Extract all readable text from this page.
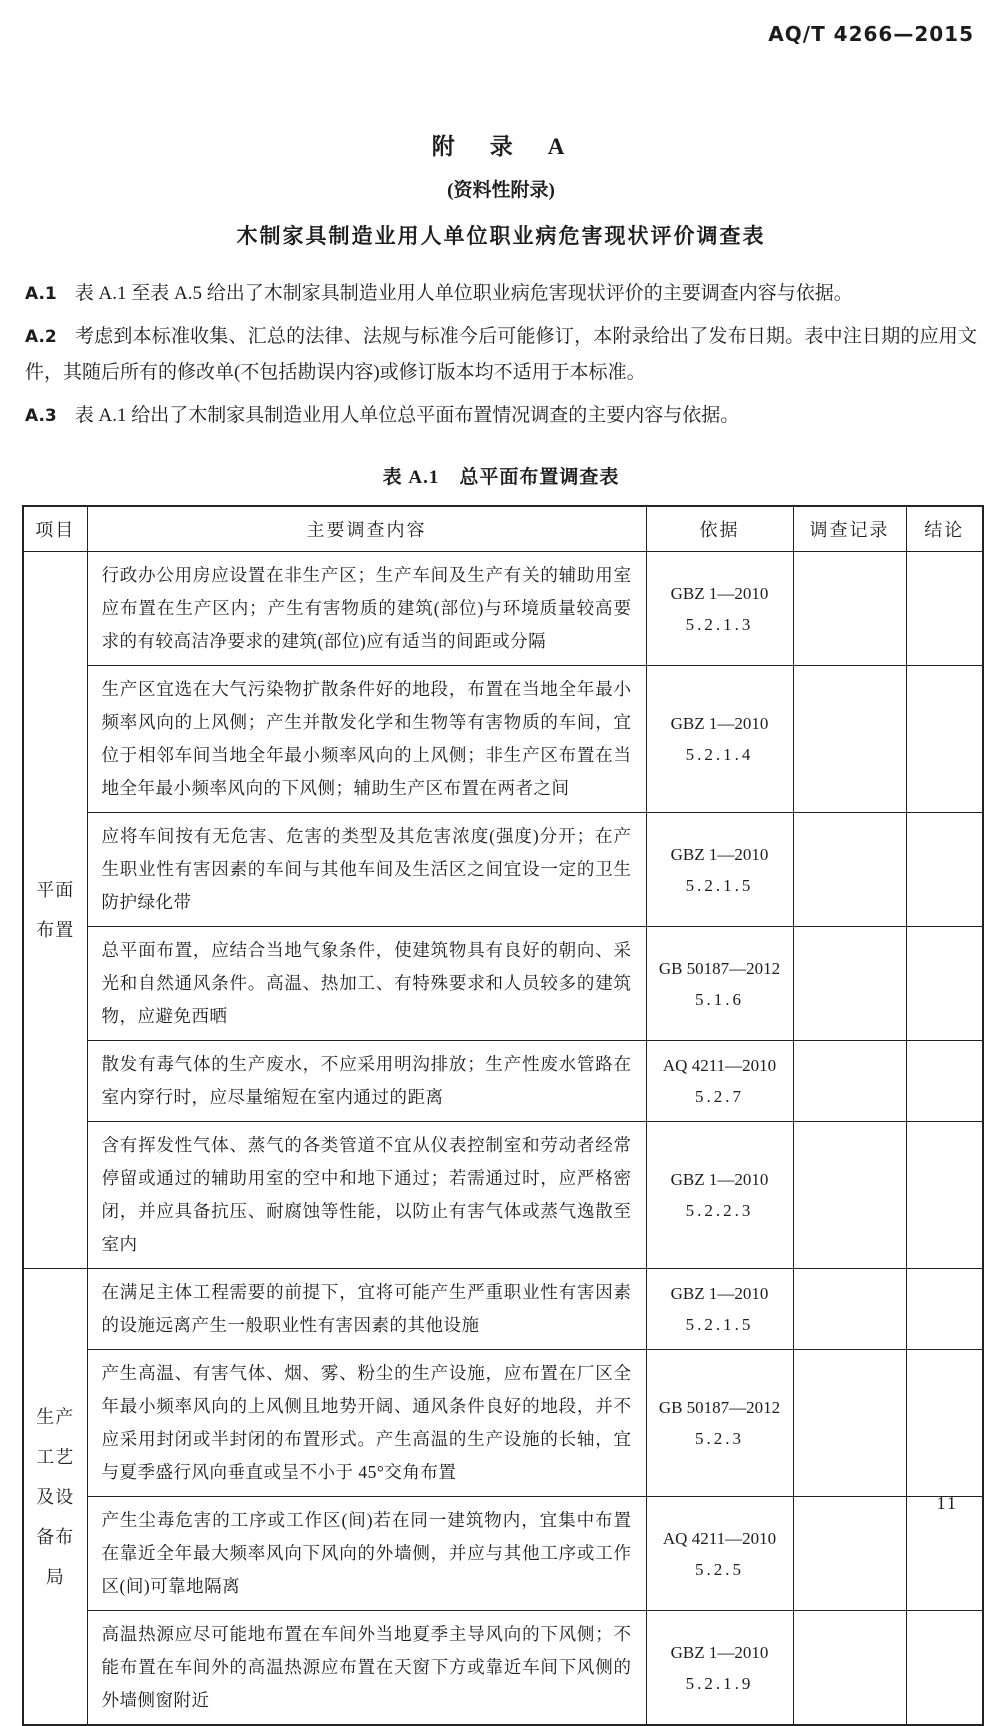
AQ/T 4266—2015
附　录　A
(资料性附录)
木制家具制造业用人单位职业病危害现状评价调查表

A.1 表 A.1 至表 A.5 给出了木制家具制造业用人单位职业病危害现状评价的主要调查内容与依据。

A.2 考虑到本标准收集、汇总的法律、法规与标准今后可能修订，本附录给出了发布日期。表中注日期的应用文件，其随后所有的修改单(不包括勘误内容)或修订版本均不适用于本标准。

A.3 表 A.1 给出了木制家具制造业用人单位总平面布置情况调查的主要内容与依据。

表 A.1　总平面布置调查表
项目	主要调查内容	依据	调查记录	结论
平面布置	行政办公用房应设置在非生产区；生产车间及生产有关的辅助用室应布置在生产区内；产生有害物质的建筑(部位)与环境质量较高要求的有较高洁净要求的建筑(部位)应有适当的间距或分隔	GBZ 1—2010
5.2.1.3		

	生产区宜选在大气污染物扩散条件好的地段，布置在当地全年最小频率风向的上风侧；产生并散发化学和生物等有害物质的车间，宜位于相邻车间当地全年最小频率风向的上风侧；非生产区布置在当地全年最小频率风向的下风侧；辅助生产区布置在两者之间	GBZ 1—2010
5.2.1.4		

	应将车间按有无危害、危害的类型及其危害浓度(强度)分开；在产生职业性有害因素的车间与其他车间及生活区之间宜设一定的卫生防护绿化带	GBZ 1—2010
5.2.1.5		

	总平面布置，应结合当地气象条件，使建筑物具有良好的朝向、采光和自然通风条件。高温、热加工、有特殊要求和人员较多的建筑物，应避免西晒	GB 50187—2012
5.1.6		

	散发有毒气体的生产废水，不应采用明沟排放；生产性废水管路在室内穿行时，应尽量缩短在室内通过的距离	AQ 4211—2010
5.2.7		

	含有挥发性气体、蒸气的各类管道不宜从仪表控制室和劳动者经常停留或通过的辅助用室的空中和地下通过；若需通过时，应严格密闭，并应具备抗压、耐腐蚀等性能，以防止有害气体或蒸气逸散至室内	GBZ 1—2010
5.2.2.3		

生产工艺及设备布局	在满足主体工程需要的前提下，宜将可能产生严重职业性有害因素的设施远离产生一般职业性有害因素的其他设施	GBZ 1—2010
5.2.1.5		

	产生高温、有害气体、烟、雾、粉尘的生产设施，应布置在厂区全年最小频率风向的上风侧且地势开阔、通风条件良好的地段，并不应采用封闭或半封闭的布置形式。产生高温的生产设施的长轴，宜与夏季盛行风向垂直或呈不小于 45°交角布置	GB 50187—2012
5.2.3		

	产生尘毒危害的工序或工作区(间)若在同一建筑物内，宜集中布置在靠近全年最大频率风向下风向的外墙侧，并应与其他工序或工作区(间)可靠地隔离	AQ 4211—2010
5.2.5		

	高温热源应尽可能地布置在车间外当地夏季主导风向的下风侧；不能布置在车间外的高温热源应布置在天窗下方或靠近车间下风侧的外墙侧窗附近	GBZ 1—2010
5.2.1.9		

11
